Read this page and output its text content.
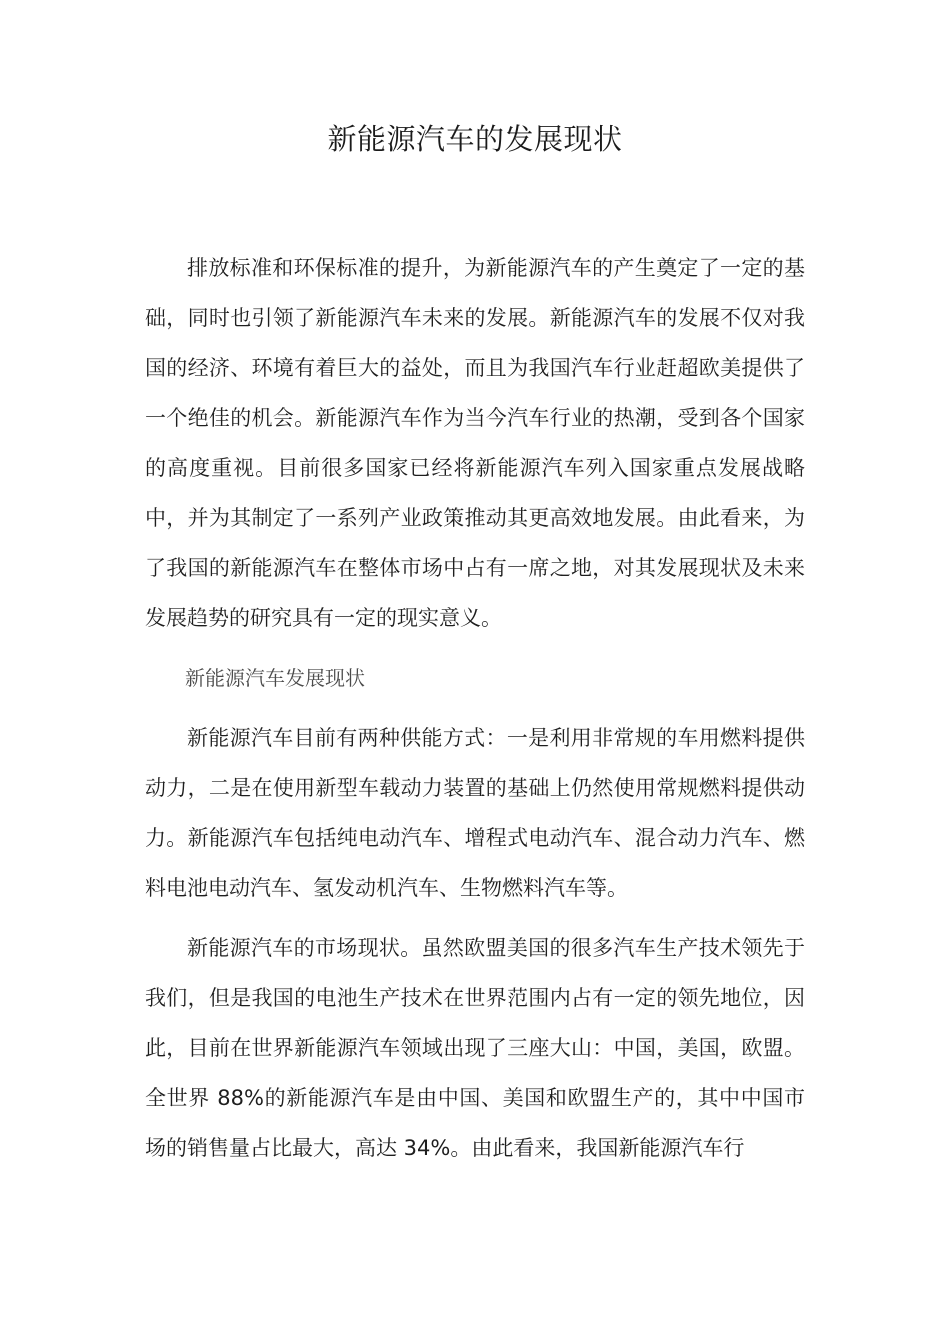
新能源汽车的发展现状

排放标准和环保标准的提升，为新能源汽车的产生奠定了一定的基础，同时也引领了新能源汽车未来的发展。新能源汽车的发展不仅对我国的经济、环境有着巨大的益处，而且为我国汽车行业赶超欧美提供了一个绝佳的机会。新能源汽车作为当今汽车行业的热潮，受到各个国家的高度重视。目前很多国家已经将新能源汽车列入国家重点发展战略中，并为其制定了一系列产业政策推动其更高效地发展。由此看来，为了我国的新能源汽车在整体市场中占有一席之地，对其发展现状及未来发展趋势的研究具有一定的现实意义。

新能源汽车发展现状

新能源汽车目前有两种供能方式：一是利用非常规的车用燃料提供动力，二是在使用新型车载动力装置的基础上仍然使用常规燃料提供动力。新能源汽车包括纯电动汽车、增程式电动汽车、混合动力汽车、燃料电池电动汽车、氢发动机汽车、生物燃料汽车等。

新能源汽车的市场现状。虽然欧盟美国的很多汽车生产技术领先于我们，但是我国的电池生产技术在世界范围内占有一定的领先地位，因此，目前在世界新能源汽车领域出现了三座大山：中国，美国，欧盟。全世界 88%的新能源汽车是由中国、美国和欧盟生产的，其中中国市场的销售量占比最大，高达 34%。由此看来，我国新能源汽车行
